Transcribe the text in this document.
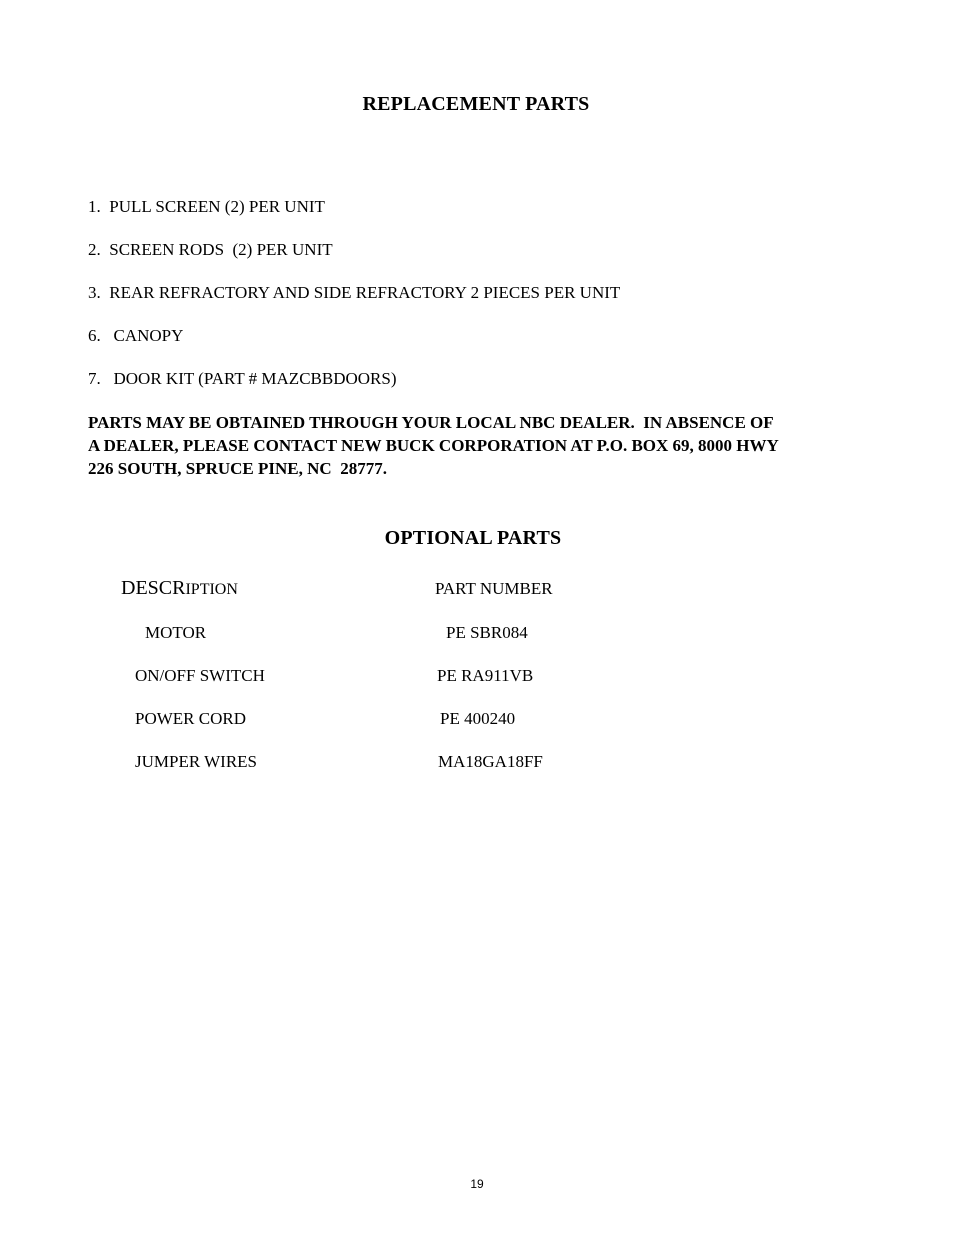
REPLACEMENT PARTS
1.  PULL SCREEN (2) PER UNIT
2.  SCREEN RODS  (2) PER UNIT
3.  REAR REFRACTORY AND SIDE REFRACTORY 2 PIECES PER UNIT
6.   CANOPY
7.   DOOR KIT (PART # MAZCBBDOORS)
PARTS MAY BE OBTAINED THROUGH YOUR LOCAL NBC DEALER.  IN ABSENCE OF
A DEALER, PLEASE CONTACT NEW BUCK CORPORATION AT P.O. BOX 69, 8000 HWY
226 SOUTH, SPRUCE PINE, NC  28777.
OPTIONAL PARTS
DESCRIPTION	PART NUMBER
MOTOR	PE SBR084
ON/OFF SWITCH	PE RA911VB
POWER CORD	PE 400240
JUMPER WIRES	MA18GA18FF
19
